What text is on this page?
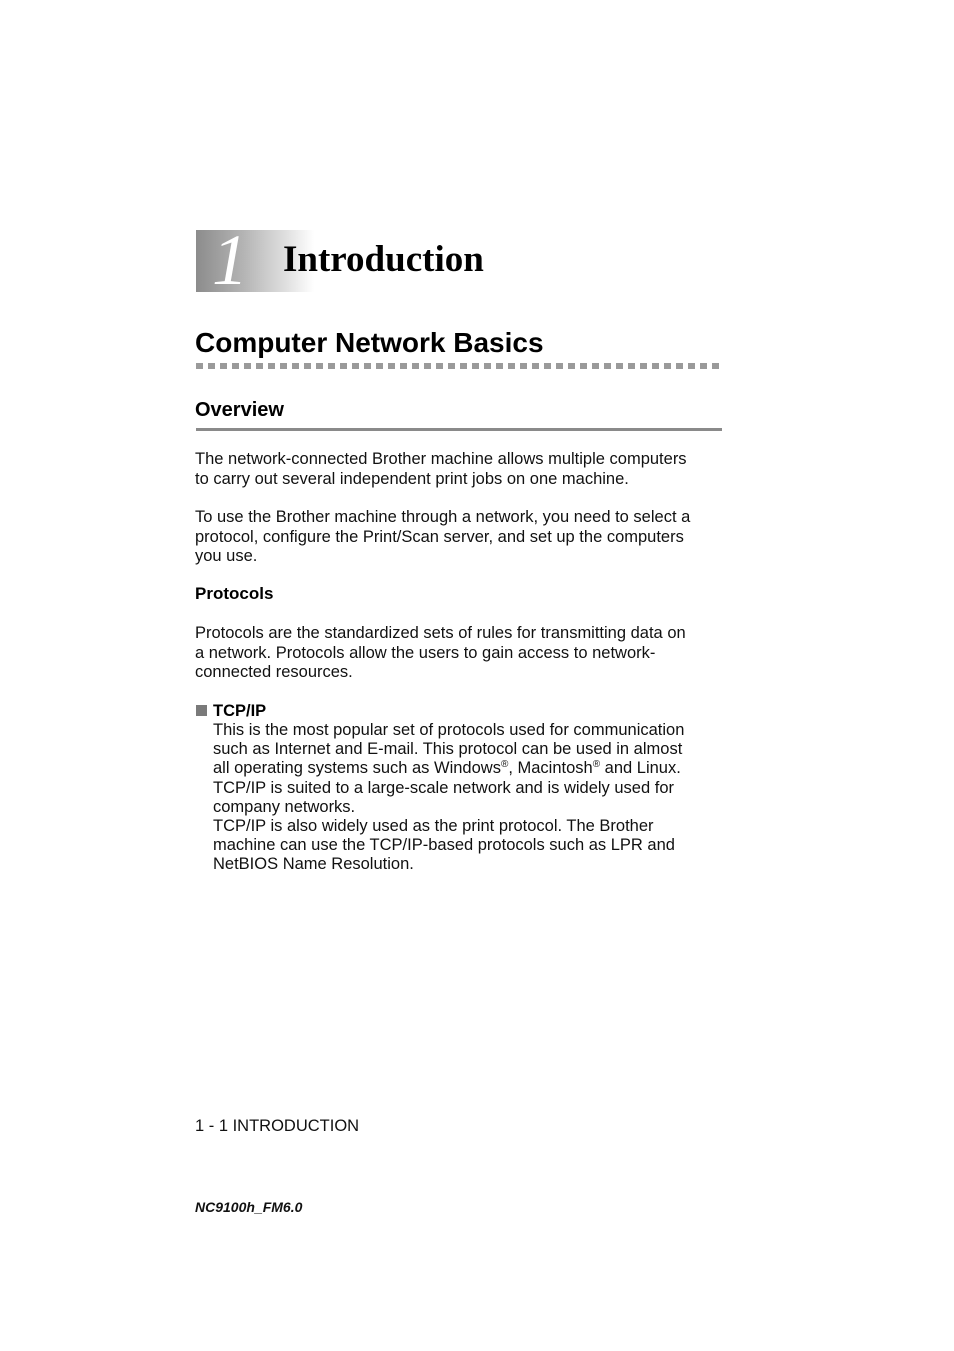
1 Introduction
Computer Network Basics
Overview
The network-connected Brother machine allows multiple computers
to carry out several independent print jobs on one machine.
To use the Brother machine through a network, you need to select a
protocol, configure the Print/Scan server, and set up the computers
you use.
Protocols
Protocols are the standardized sets of rules for transmitting data on
a network. Protocols allow the users to gain access to network-
connected resources.
TCP/IP
This is the most popular set of protocols used for communication
such as Internet and E-mail. This protocol can be used in almost
all operating systems such as Windows®, Macintosh® and Linux.
TCP/IP is suited to a large-scale network and is widely used for
company networks.
TCP/IP is also widely used as the print protocol. The Brother
machine can use the TCP/IP-based protocols such as LPR and
NetBIOS Name Resolution.
1 - 1 INTRODUCTION
NC9100h_FM6.0
